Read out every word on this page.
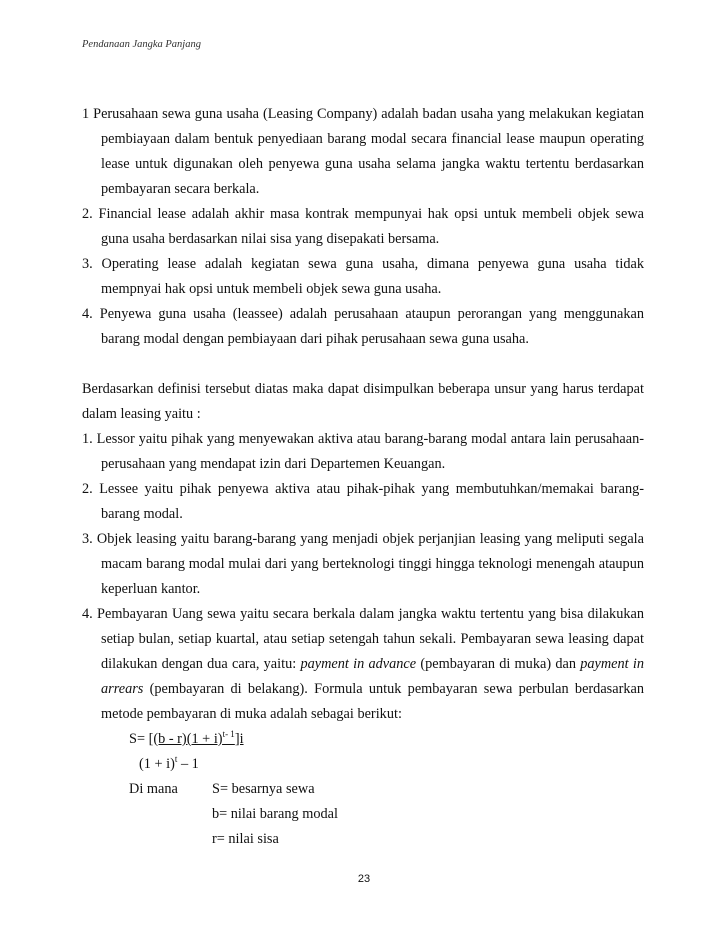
Pendanaan Jangka Panjang
1 Perusahaan sewa guna usaha (Leasing Company) adalah badan usaha yang melakukan kegiatan pembiayaan dalam bentuk penyediaan barang modal secara financial lease maupun operating lease untuk digunakan oleh penyewa guna usaha selama jangka waktu tertentu berdasarkan pembayaran secara berkala.
2. Financial lease adalah akhir masa kontrak mempunyai hak opsi untuk membeli objek sewa guna usaha berdasarkan nilai sisa yang disepakati bersama.
3. Operating lease adalah kegiatan sewa guna usaha, dimana penyewa guna usaha tidak mempnyai hak opsi untuk membeli objek sewa guna usaha.
4. Penyewa guna usaha (leassee) adalah perusahaan ataupun perorangan yang menggunakan barang modal dengan pembiayaan dari pihak perusahaan sewa guna usaha.
Berdasarkan definisi tersebut diatas maka dapat disimpulkan beberapa unsur yang harus terdapat dalam leasing yaitu :
1. Lessor yaitu pihak yang menyewakan aktiva atau barang-barang modal antara lain perusahaan-perusahaan yang mendapat izin dari Departemen Keuangan.
2. Lessee yaitu pihak penyewa aktiva atau pihak-pihak yang membutuhkan/memakai barang-barang modal.
3. Objek leasing yaitu barang-barang yang menjadi objek perjanjian leasing yang meliputi segala macam barang modal mulai dari yang berteknologi tinggi hingga teknologi menengah ataupun keperluan kantor.
4. Pembayaran Uang sewa yaitu secara berkala dalam jangka waktu tertentu yang bisa dilakukan setiap bulan, setiap kuartal, atau setiap setengah tahun sekali. Pembayaran sewa leasing dapat dilakukan dengan dua cara, yaitu: payment in advance (pembayaran di muka) dan payment in arrears (pembayaran di belakang). Formula untuk pembayaran sewa perbulan berdasarkan metode pembayaran di muka adalah sebagai berikut:
$S= [(b - r)(1 + i)^{t- 1}]i$
$(1 + i)^t - 1$
Di mana S= besarnya sewa
b= nilai barang modal
r= nilai sisa
23
